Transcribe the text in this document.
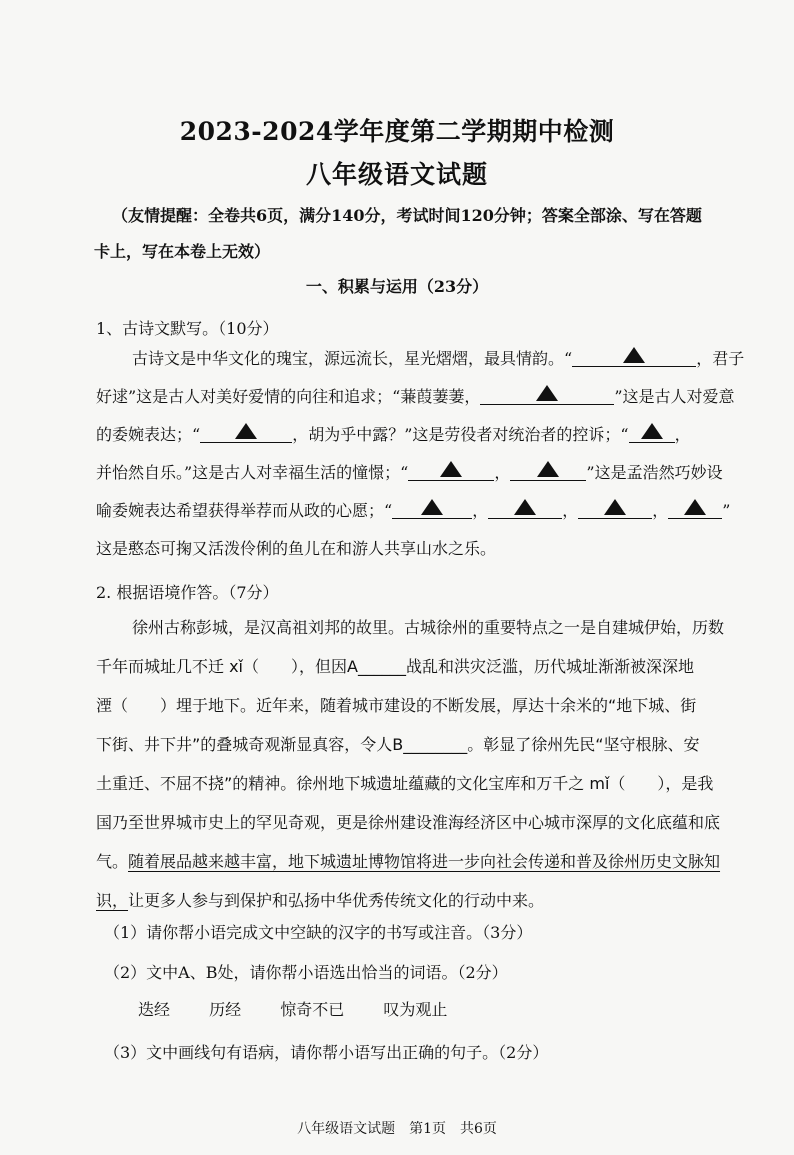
2023-2024学年度第二学期期中检测
八年级语文试题
（友情提醒：全卷共6页，满分140分，考试时间120分钟；答案全部涂、写在答题
卡上，写在本卷上无效）
一、积累与运用（23分）
1、古诗文默写。（10分）
古诗文是中华文化的瑰宝，源远流长，星光熠熠，最具情韵。“	，君子
好逑”这是古人对美好爱情的向往和追求；“蒹葭萋萋，	”这是古人对爱意
的委婉表达；“	，胡为乎中露？”这是劳役者对统治者的控诉；“	，
并怡然自乐。”这是古人对幸福生活的憧憬；“	，	”这是孟浩然巧妙设
喻委婉表达希望获得举荐而从政的心愿；“	，	，	，	”
这是憨态可掬又活泼伶俐的鱼儿在和游人共享山水之乐。
2. 根据语境作答。（7分）
徐州古称彭城，是汉高祖刘邦的故里。古城徐州的重要特点之一是自建城伊始，历数
千年而城址几不迁 xǐ（　　），但因A______战乱和洪灾泛滥，历代城址渐渐被深深地
湮（　　）埋于地下。近年来，随着城市建设的不断发展，厚达十余米的“地下城、街
下街、井下井”的叠城奇观渐显真容，令人B________。彰显了徐州先民“坚守根脉、安
土重迁、不屈不挠”的精神。徐州地下城遗址蕴藏的文化宝库和万千之 mǐ（　　），是我
国乃至世界城市史上的罕见奇观，更是徐州建设淮海经济区中心城市深厚的文化底蕴和底
气。随着展品越来越丰富，地下城遗址博物馆将进一步向社会传递和普及徐州历史文脉知
识，让更多人参与到保护和弘扬中华优秀传统文化的行动中来。
（1）请你帮小语完成文中空缺的汉字的书写或注音。（3分）
（2）文中A、B处，请你帮小语选出恰当的词语。（2分）
迭经 历经 惊奇不已 叹为观止
（3）文中画线句有语病，请你帮小语写出正确的句子。（2分）
八年级语文试题　第1页　共6页
